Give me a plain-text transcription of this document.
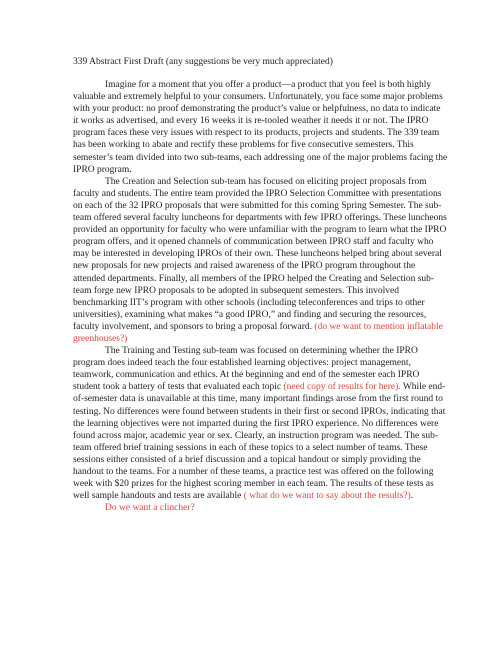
339 Abstract First Draft (any suggestions be very much appreciated)

Imagine for a moment that you offer a product—a product that you feel is both highly valuable and extremely helpful to your consumers. Unfortunately, you face some major problems with your product: no proof demonstrating the product’s value or helpfulness, no data to indicate it works as advertised, and every 16 weeks it is re-tooled weather it needs it or not. The IPRO program faces these very issues with respect to its products, projects and students. The 339 team has been working to abate and rectify these problems for five consecutive semesters. This semester’s team divided into two sub-teams, each addressing one of the major problems facing the IPRO program.

The Creation and Selection sub-team has focused on eliciting project proposals from faculty and students. The entire team provided the IPRO Selection Committee with presentations on each of the 32 IPRO proposals that were submitted for this coming Spring Semester. The sub-team offered several faculty luncheons for departments with few IPRO offerings. These luncheons provided an opportunity for faculty who were unfamiliar with the program to learn what the IPRO program offers, and it opened channels of communication between IPRO staff and faculty who may be interested in developing IPROs of their own. These luncheons helped bring about several new proposals for new projects and raised awareness of the IPRO program throughout the attended departments. Finally, all members of the IPRO helped the Creating and Selection sub-team forge new IPRO proposals to be adopted in subsequent semesters. This involved benchmarking IIT’s program with other schools (including teleconferences and trips to other universities), examining what makes “a good IPRO,” and finding and securing the resources, faculty involvement, and sponsors to bring a proposal forward. (do we want to mention inflatable greenhouses?)

The Training and Testing sub-team was focused on determining whether the IPRO program does indeed teach the four established learning objectives: project management, teamwork, communication and ethics. At the beginning and end of the semester each IPRO student took a battery of tests that evaluated each topic (need copy of results for here). While end-of-semester data is unavailable at this time, many important findings arose from the first round to testing. No differences were found between students in their first or second IPROs, indicating that the learning objectives were not imparted during the first IPRO experience. No differences were found across major, academic year or sex. Clearly, an instruction program was needed. The sub-team offered brief training sessions in each of these topics to a select number of teams. These sessions either consisted of a brief discussion and a topical handout or simply providing the handout to the teams. For a number of these teams, a practice test was offered on the following week with $20 prizes for the highest scoring member in each team. The results of these tests as well sample handouts and tests are available ( what do we want to say about the results?).

Do we want a clincher?
